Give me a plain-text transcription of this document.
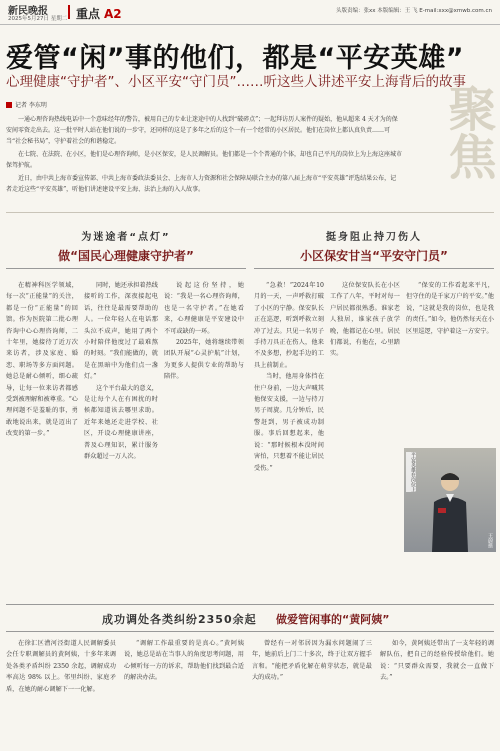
新民晚报
2025年5月27日 星期二 重点 A2	头版责编：张xx 本版编辑：王 飞 E-mail:xxx@xmwb.com.cn
爱管“闲”事的他们，都是“平安英雄”
心理健康“守护者”、小区平安“守门员”……听这些人讲述平安上海背后的故事
聚焦
记者 李东明

一通心理咨询热线电话中一个意味经年的警告，被用自己的专业让迷途中的人找到“破碎点”；一起拜访历人案件的疑始，他从超来 4 天才为的保安间零资走出去。这一批平时人站在他们说的一步守，还同样的这是了多年之后的这个一有一个经常的小区居民。他们在岗位上都认真负责……可当“社会秘书局”，守护着社会的和谐稳定。

在七院、在法院、在小区，他们是心理咨询师，是小区保安，是人民调解员。他们都是一个个普通的个体，却也自己平凡的岗位上为上海这座城市保驾护航。

近日，由中共上海市委宣传部、中共上海市委政法委员会、上海市人力资源和社会保障局联合主办的第八届上海市“平安英雄”评选结果公布，记者走近这些“平安英雄”，听他们讲述建设平安上海、法治上海的入人故事。

为迷途者“点灯”
做“国民心理健康守护者”
挺身阻止持刀伤人
小区保安甘当“平安守门员”

在精神科医学领域，每一次“正能量”的关注，都是一份“正能量”的回馈。作为医院第二批心理咨询中心心理咨询师，二十年里，她接待了近万次来访者，涉及家庭、婚恋、职场等多方面问题。她总是耐心倾听，细心疏导，让每一位来访者都感受到被理解和被尊重。“心理问题不是羞耻的事，勇敢地说出来，就是迈出了改变的第一步。”

同时，她还承担着热线接听的工作，深夜接起电话，往往是最需要帮助的人。一位年轻人在电话那头泣不成声，她用了两个小时陪伴他度过了最难熬的时刻。“我们能做的，就是在黑暗中为他们点一盏灯。”

这个平台最大的意义，是让每个人在有困扰的时候都知道该去哪里求助。近年来她还走进学校、社区，开设心理健康讲座，普及心理知识，累计服务群众超过一万人次。

说起这份坚持，她说：“我是一名心理咨询师，也是一名守护者。”在她看来，心理健康是平安建设中不可或缺的一环。

2025年，她将继续带领团队开展“心灵护航”计划，为更多人提供专业的帮助与陪伴。

“急救！”2024年10月的一天，一声呼救打破了小区的宁静。保安队长正在巡逻，听到呼救立刻冲了过去。只见一名男子手持刀具正在伤人，他来不及多想，抄起手边的工具上前制止。

当时，他用身体挡在住户身前，一边大声喊其他保安支援，一边与持刀男子周旋。几分钟后，民警赶到，男子被成功制服。事后回想起来，他说：“那时候根本没时间害怕，只想着不能让居民受伤。”

这位保安队长在小区工作了八年，平时对每一户居民都很熟悉。谁家老人独居，谁家孩子放学晚，他都记在心里。居民们都说，有他在，心里踏实。

“保安的工作看起来平凡，但守住的是千家万户的平安。”他说，“这就是我的岗位，也是我的责任。”如今，他仍然每天在小区里巡逻，守护着这一方安宁。

平安英雄在岗位上
王蔚摄
成功调处各类纠纷2350余起 做爱管闲事的“黄阿姨”

在徐汇区漕河泾街道人民调解委员会任专职调解员的黄阿姨，十多年来调处各类矛盾纠纷 2350 余起，调解成功率高达 98% 以上。邻里纠纷、家庭矛盾，在她的耐心调解下一一化解。

“调解工作最重要的是真心。”黄阿姨说，她总是站在当事人的角度思考问题，用心倾听每一方的诉求，帮助他们找到最合适的解决办法。

曾经有一对邻居因为漏水问题闹了三年，她前后上门二十多次，终于让双方握手言和。“能把矛盾化解在萌芽状态，就是最大的成功。”

如今，黄阿姨还带出了一支年轻的调解队伍，把自己的经验传授给他们。她说：“只要群众需要，我就会一直做下去。”
